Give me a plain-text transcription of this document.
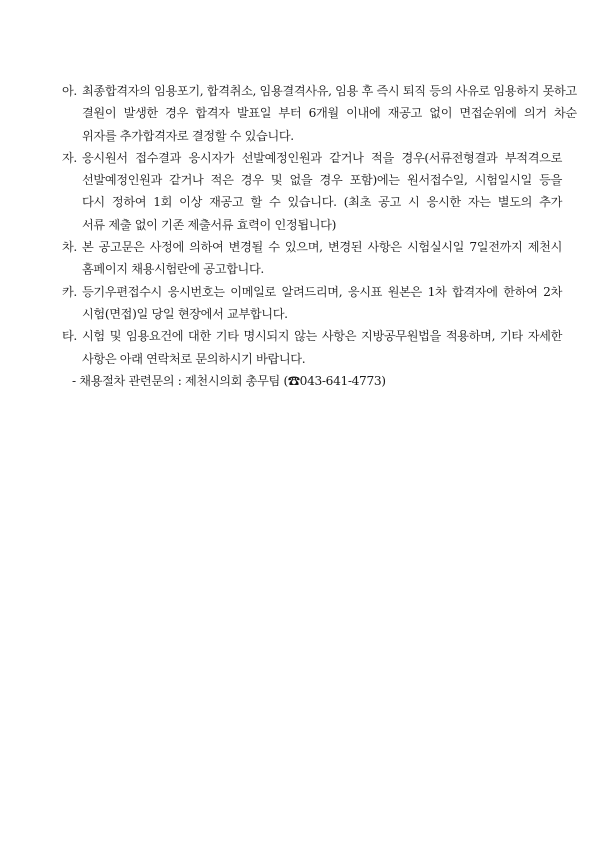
아. 최종합격자의 임용포기, 합격취소, 임용결격사유, 임용 후 즉시 퇴직 등의 사유로 임용하지 못하고
결원이 발생한 경우 합격자 발표일 부터 6개월 이내에 재공고 없이 면접순위에 의거 차순
위자를 추가합격자로 결정할 수 있습니다.
자. 응시원서 접수결과 응시자가 선발예정인원과 같거나 적을 경우(서류전형결과 부적격으로
선발예정인원과 같거나 적은 경우 및 없을 경우 포함)에는 원서접수일, 시험일시일 등을
다시 정하여 1회 이상 재공고 할 수 있습니다. (최초 공고 시 응시한 자는 별도의 추가
서류 제출 없이 기존 제출서류 효력이 인정됩니다)
차. 본 공고문은 사정에 의하여 변경될 수 있으며, 변경된 사항은 시험실시일 7일전까지 제천시
홈페이지 채용시험란에 공고합니다.
카. 등기우편접수시 응시번호는 이메일로 알려드리며, 응시표 원본은 1차 합격자에 한하여 2차
시험(면접)일 당일 현장에서 교부합니다.
타. 시험 및 임용요건에 대한 기타 명시되지 않는 사항은 지방공무원법을 적용하며, 기타 자세한
사항은 아래 연락처로 문의하시기 바랍니다.
- 채용절차 관련문의 : 제천시의회 총무팀 (☎043-641-4773)
